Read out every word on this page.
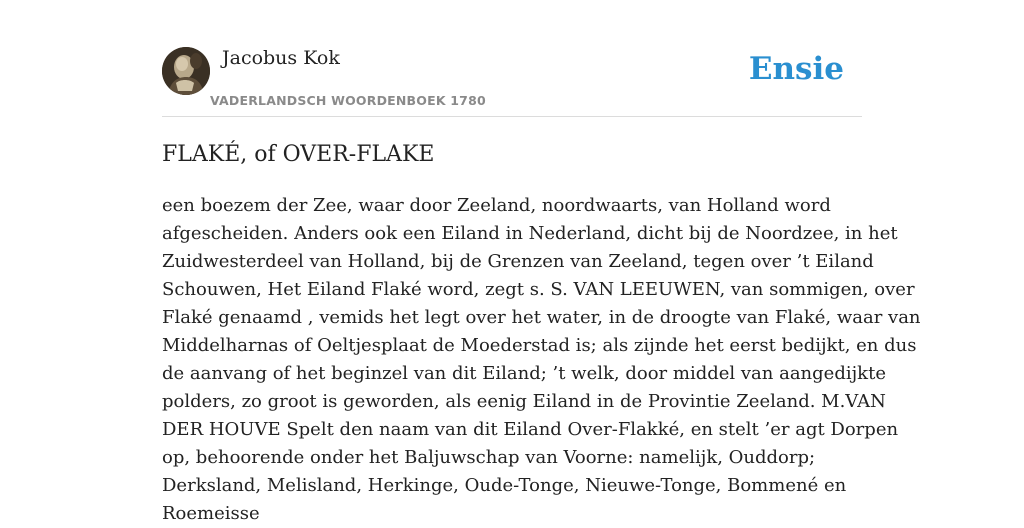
Jacobus Kok
VADERLANDSCH WOORDENBOEK 1780
Ensie
FLAKÉ, of OVER-FLAKE

een boezem der Zee, waar door Zeeland, noordwaarts, van Holland word
afgescheiden. Anders ook een Eiland in Nederland, dicht bij de Noordzee, in het
Zuidwesterdeel van Holland, bij de Grenzen van Zeeland, tegen over ’t Eiland
Schouwen, Het Eiland Flaké word, zegt s. S. VAN LEEUWEN, van sommigen, over
Flaké genaamd , vemids het legt over het water, in de droogte van Flaké, waar van
Middelharnas of Oeltjesplaat de Moederstad is; als zijnde het eerst bedijkt, en dus
de aanvang of het beginzel van dit Eiland; ’t welk, door middel van aangedijkte
polders, zo groot is geworden, als eenig Eiland in de Provintie Zeeland. M.VAN
DER HOUVE Spelt den naam van dit Eiland Over-Flakké, en stelt ’er agt Dorpen
op, behoorende onder het Baljuwschap van Voorne: namelijk, Ouddorp;
Derksland, Melisland, Herkinge, Oude-Tonge, Nieuwe-Tonge, Bommené en
Roemeisse
